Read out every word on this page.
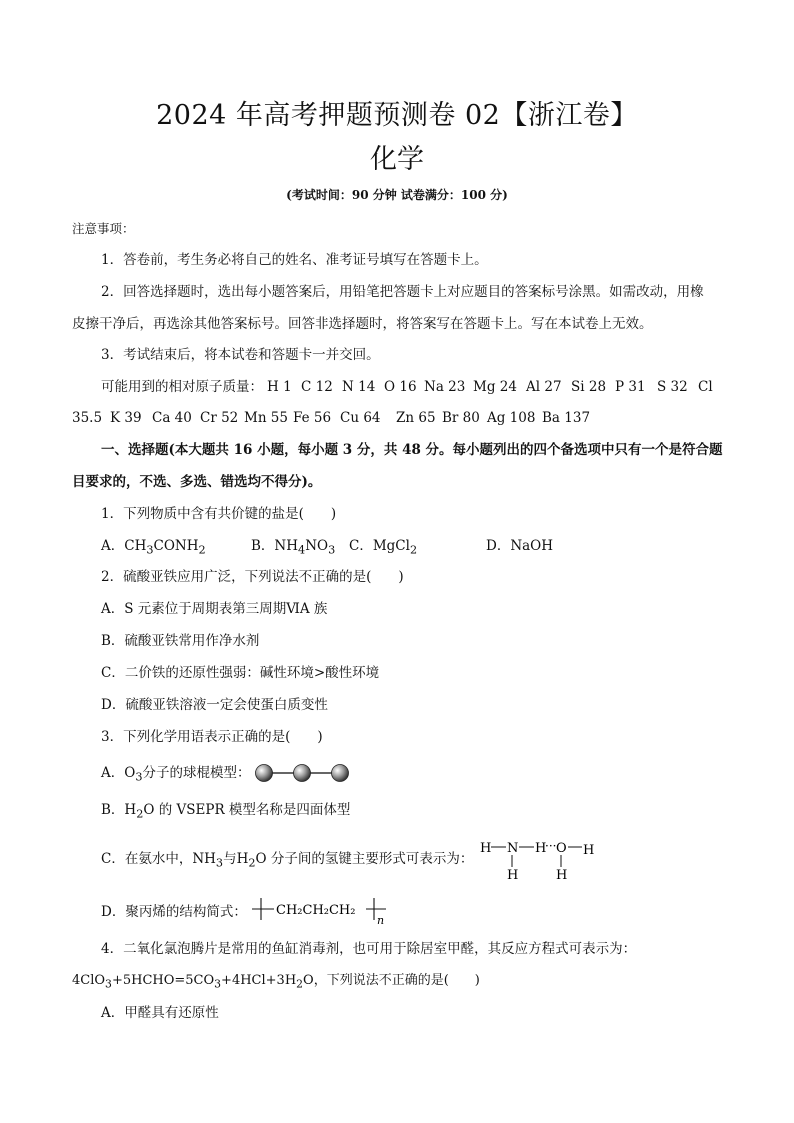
2024 年高考押题预测卷 02【浙江卷】
化学
(考试时间：90 分钟 试卷满分：100 分)
注意事项：
1．答卷前，考生务必将自己的姓名、准考证号填写在答题卡上。
2．回答选择题时，选出每小题答案后，用铅笔把答题卡上对应题目的答案标号涂黑。如需改动，用橡
皮擦干净后，再选涂其他答案标号。回答非选择题时，将答案写在答题卡上。写在本试卷上无效。
3．考试结束后，将本试卷和答题卡一并交回。
可能用到的相对原子质量： H 1 C 12 N 14 O 16 Na 23 Mg 24 Al 27 Si 28 P 31 S 32 Cl
35.5 K 39 Ca 40 Cr 52 Mn 55 Fe 56 Cu 64 Zn 65 Br 80 Ag 108 Ba 137
一、选择题(本大题共 16 小题，每小题 3 分，共 48 分。每小题列出的四个备选项中只有一个是符合题
目要求的，不选、多选、错选均不得分)。
1．下列物质中含有共价键的盐是(　　)
A．$CH_3CONH_2$	B．$NH_4NO_3$ C．MgCl$_2$	D．NaOH
2．硫酸亚铁应用广泛，下列说法不正确的是(　　)
A．S 元素位于周期表第三周期ⅥA 族
B．硫酸亚铁常用作净水剂
C．二价铁的还原性强弱：碱性环境>酸性环境
D．硫酸亚铁溶液一定会使蛋白质变性
3．下列化学用语表示正确的是(　　)
A．$O_3$分子的球棍模型：
B．$H_2O$ 的 VSEPR 模型名称是四面体型
C．在氨水中，$NH_3$与$H_2O$ 分子间的氢键主要形式可表示为：
H N H
··· O H
H	H
D．聚丙烯的结构简式： CH₂CH₂CH₂
n
4．二氧化氯泡腾片是常用的鱼缸消毒剂，也可用于除居室甲醛，其反应方程式可表示为：
$4ClO_3+5HCHO=5CO_3+4HCl+3H_2O$，下列说法不正确的是(　　)
A．甲醛具有还原性
